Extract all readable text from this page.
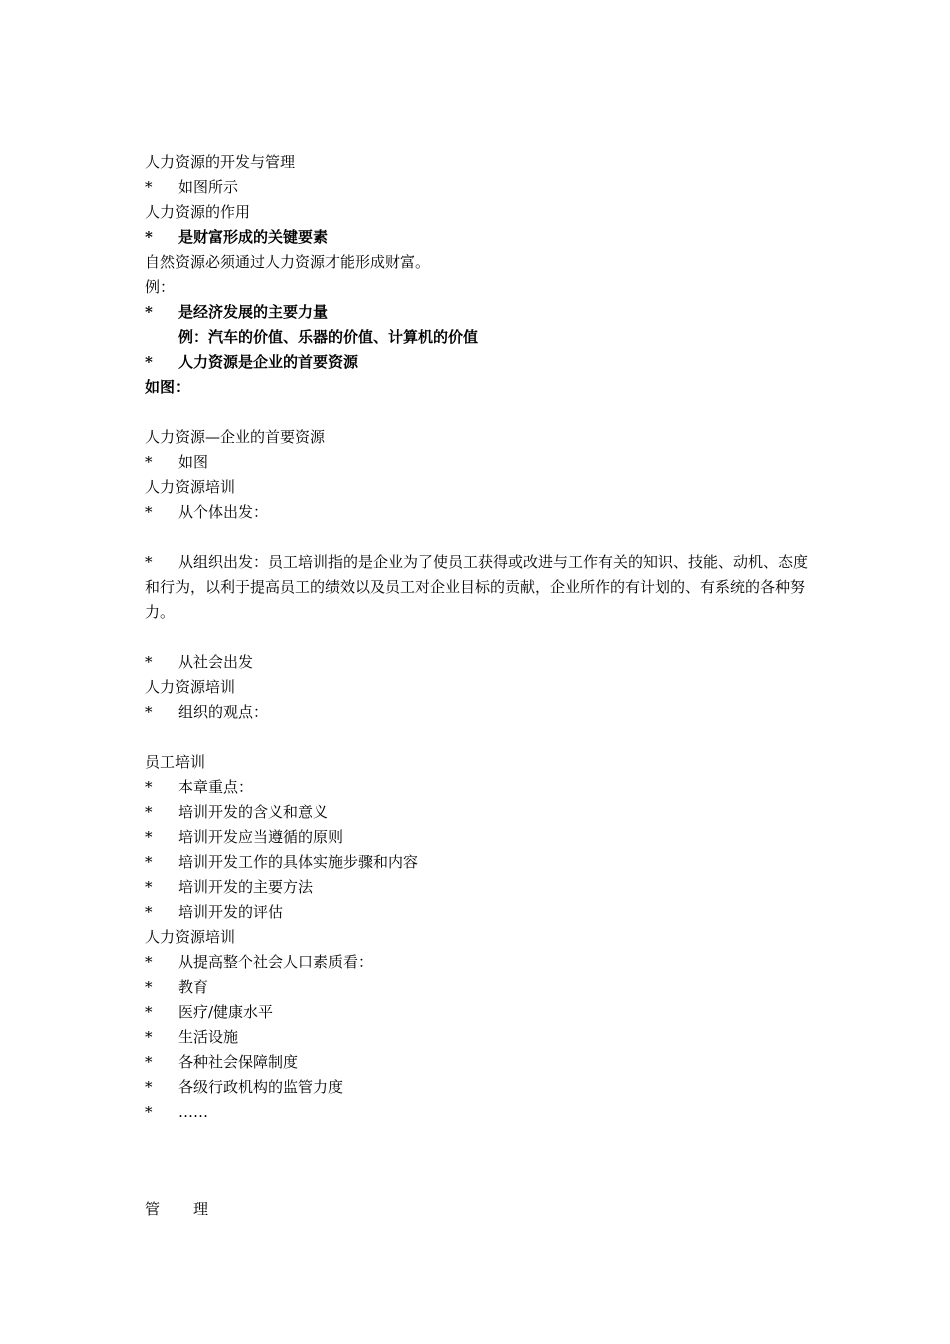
人力资源的开发与管理
* 如图所示
人力资源的作用
* 是财富形成的关键要素
自然资源必须通过人力资源才能形成财富。
例：
* 是经济发展的主要力量
例：汽车的价值、乐器的价值、计算机的价值
* 人力资源是企业的首要资源
如图：
人力资源—企业的首要资源
* 如图
人力资源培训
* 从个体出发：
* 从组织出发：员工培训指的是企业为了使员工获得或改进与工作有关的知识、技能、动机、态度和行为，以利于提高员工的绩效以及员工对企业目标的贡献，企业所作的有计划的、有系统的各种努力。
* 从社会出发
人力资源培训
* 组织的观点：
员工培训
* 本章重点：
* 培训开发的含义和意义
* 培训开发应当遵循的原则
* 培训开发工作的具体实施步骤和内容
* 培训开发的主要方法
* 培训开发的评估
人力资源培训
* 从提高整个社会人口素质看：
* 教育
* 医疗/健康水平
* 生活设施
* 各种社会保障制度
* 各级行政机构的监管力度
* ……
管 理
